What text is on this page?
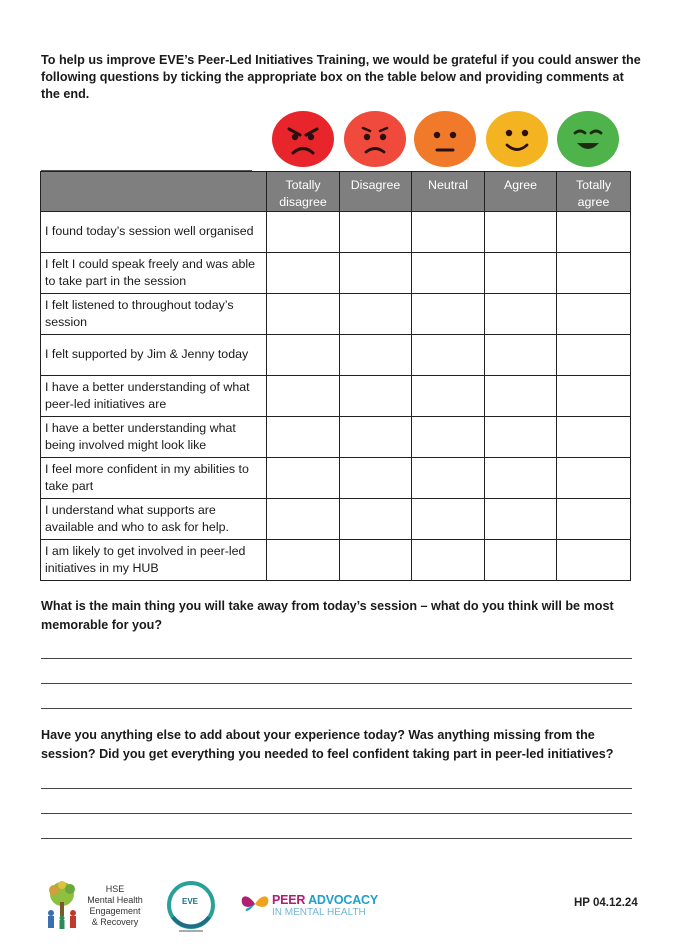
To help us improve EVE’s Peer-Led Initiatives Training, we would be grateful if you could answer the following questions by ticking the appropriate box on the table below and providing comments at the end.
	Totally disagree	Disagree	Neutral	Agree	Totally agree
I found today’s session well organised					
I felt I could speak freely and was able to take part in the session					
I felt listened to throughout today’s session					
I felt supported by Jim & Jenny today					
I have a better understanding of what peer-led initiatives are					
I have a better understanding what being involved might look like					
I feel more confident in my abilities to take part					
I understand what supports are available and who to ask for help.					
I am likely to get involved in peer-led initiatives in my HUB					
What is the main thing you will take away from today’s session – what do you think will be most memorable for you?
Have you anything else to add about your experience today? Was anything missing from the session? Did you get everything you needed to feel confident taking part in peer-led initiatives?
HSE
Mental Health
Engagement
& Recovery
EVE	PEER ADVOCACY
IN MENTAL HEALTH
HP 04.12.24
